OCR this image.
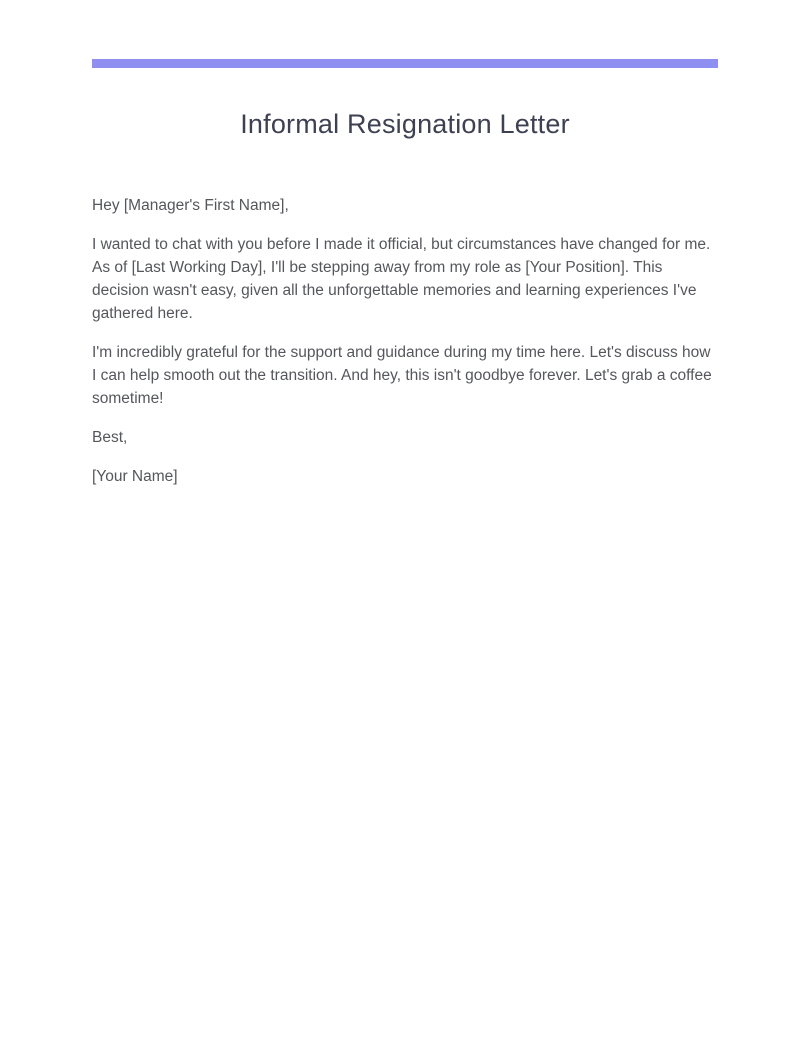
Informal Resignation Letter

Hey [Manager's First Name],

I wanted to chat with you before I made it official, but circumstances have changed for me. As of [Last Working Day], I'll be stepping away from my role as [Your Position]. This decision wasn't easy, given all the unforgettable memories and learning experiences I've gathered here.

I'm incredibly grateful for the support and guidance during my time here. Let's discuss how I can help smooth out the transition. And hey, this isn't goodbye forever. Let's grab a coffee sometime!

Best,

[Your Name]
